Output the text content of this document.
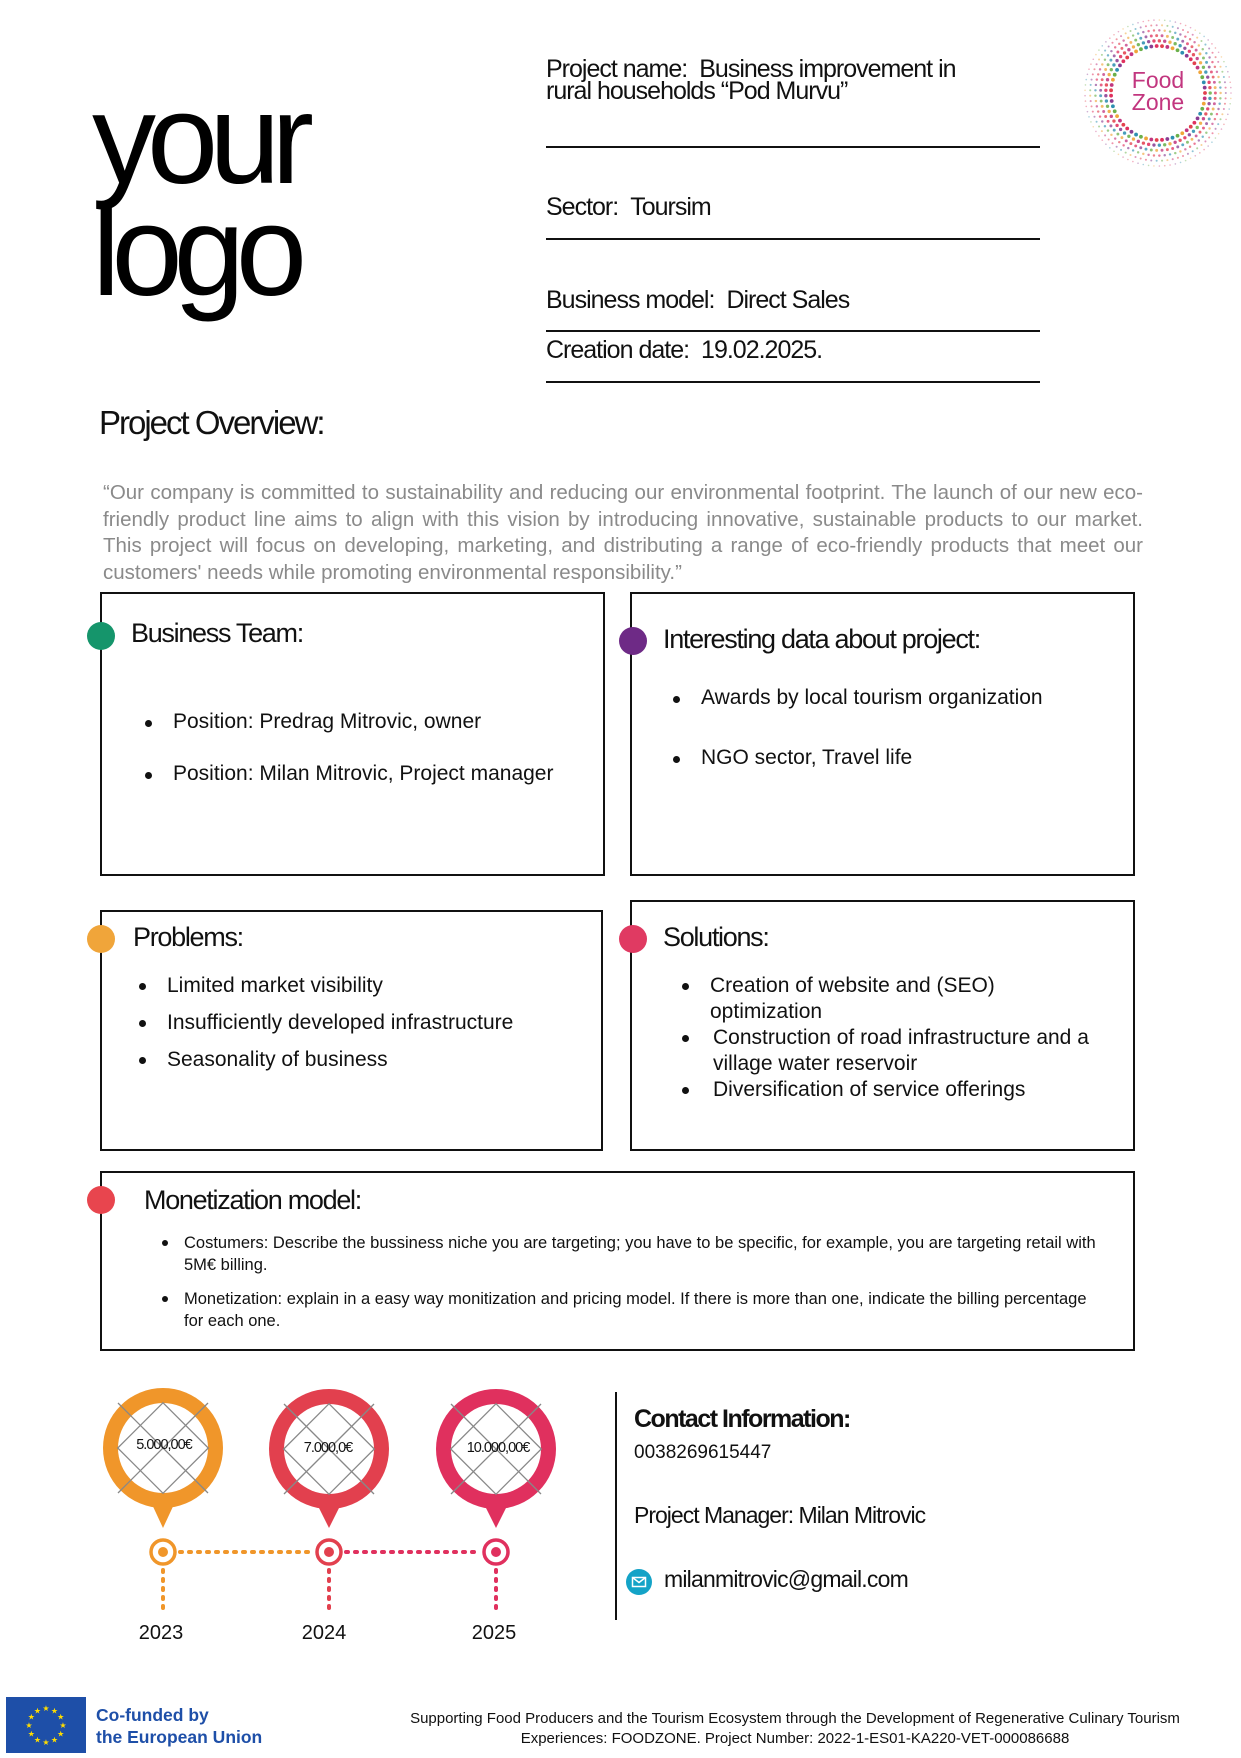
your
logo
Project name: Business improvement in
rural households “Pod Murvu”
Sector: Toursim
Business model: Direct Sales
Creation date: 19.02.2025.
Food
Zone
Project Overview:
“Our company is committed to sustainability and reducing our environmental footprint. The launch of our new eco-friendly product line aims to align with this vision by introducing innovative, sustainable products to our market. This project will focus on developing, marketing, and distributing a range of eco-friendly products that meet our customers' needs while promoting environmental responsibility.”
Business Team:
Position: Predrag Mitrovic, owner
Position: Milan Mitrovic, Project manager
Interesting data about project:
Awards by local tourism organization
NGO sector, Travel life
Problems:
Limited market visibility
Insufficiently developed infrastructure
Seasonality of business
Solutions:
Creation of website and (SEO) optimization
Construction of road infrastructure and a village water reservoir
Diversification of service offerings
Monetization model:
Costumers: Describe the bussiness niche you are targeting; you have to be specific, for example, you are targeting retail with 5M€ billing.
Monetization: explain in a easy way monitization and pricing model. If there is more than one, indicate the billing percentage for each one.
5.000,00€	7.000,0€	10.000,00€
2023	2024	2025
Contact Information:
0038269615447
Project Manager: Milan Mitrovic
milanmitrovic@gmail.com
★
★
★
★
★
★
★
★
★ ★ ★
★ Co-funded by
the European Union
Supporting Food Producers and the Tourism Ecosystem through the Development of Regenerative Culinary Tourism
Experiences: FOODZONE. Project Number: 2022-1-ES01-KA220-VET-000086688
